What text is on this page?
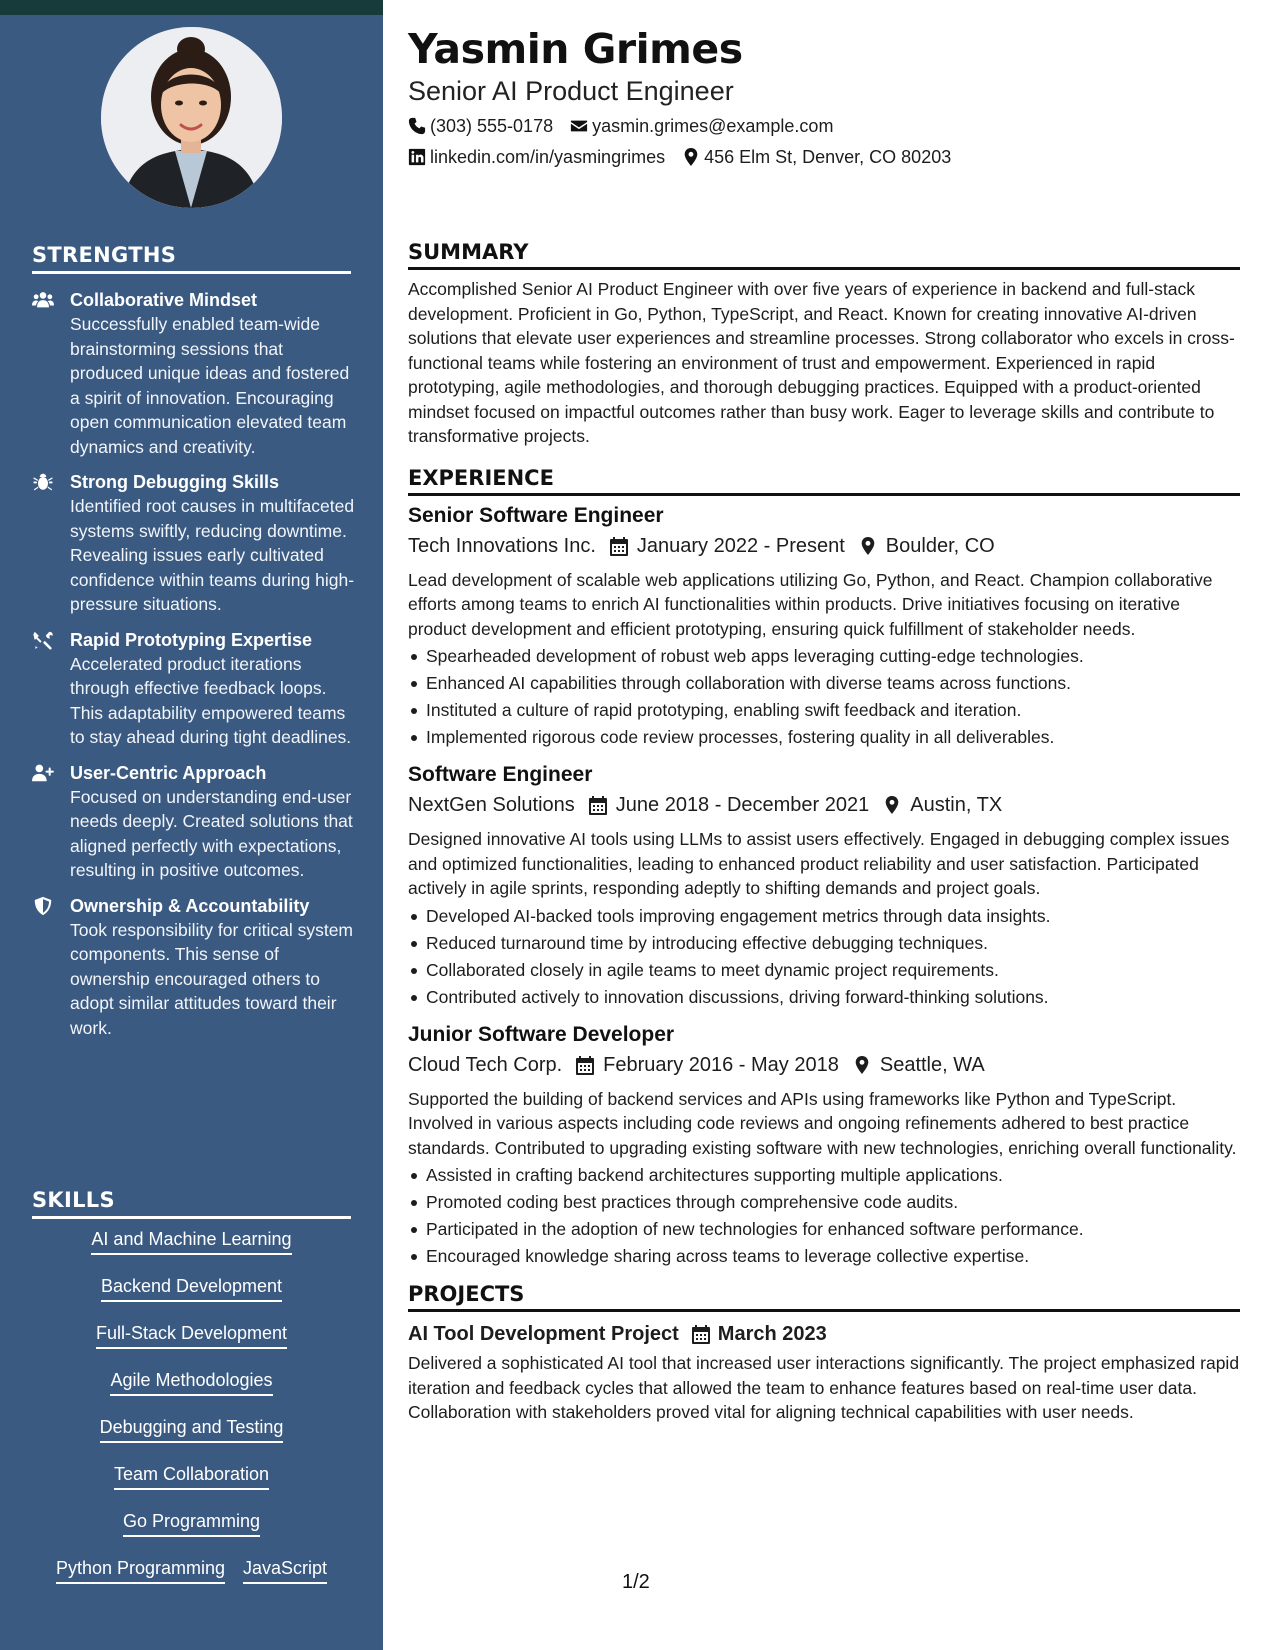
STRENGTHS
Collaborative Mindset
Successfully enabled team-wide brainstorming sessions that produced unique ideas and fostered a spirit of innovation. Encouraging open communication elevated team dynamics and creativity.
Strong Debugging Skills
Identified root causes in multifaceted systems swiftly, reducing downtime. Revealing issues early cultivated confidence within teams during high-pressure situations.
Rapid Prototyping Expertise
Accelerated product iterations through effective feedback loops. This adaptability empowered teams to stay ahead during tight deadlines.
User-Centric Approach
Focused on understanding end-user needs deeply. Created solutions that aligned perfectly with expectations, resulting in positive outcomes.
Ownership & Accountability
Took responsibility for critical system components. This sense of ownership encouraged others to adopt similar attitudes toward their work.
SKILLS
AI and Machine Learning
Backend Development
Full-Stack Development
Agile Methodologies
Debugging and Testing
Team Collaboration
Go Programming
Python Programming JavaScript
Yasmin Grimes
Senior AI Product Engineer
(303) 555-0178 yasmin.grimes@example.com
linkedin.com/in/yasmingrimes 456 Elm St, Denver, CO 80203
SUMMARY
Accomplished Senior AI Product Engineer with over five years of experience in backend and full-stack development. Proficient in Go, Python, TypeScript, and React. Known for creating innovative AI-driven solutions that elevate user experiences and streamline processes. Strong collaborator who excels in cross-functional teams while fostering an environment of trust and empowerment. Experienced in rapid prototyping, agile methodologies, and thorough debugging practices. Equipped with a product-oriented mindset focused on impactful outcomes rather than busy work. Eager to leverage skills and contribute to transformative projects.
EXPERIENCE
Senior Software Engineer
Tech Innovations Inc. January 2022 - Present Boulder, CO
Lead development of scalable web applications utilizing Go, Python, and React. Champion collaborative efforts among teams to enrich AI functionalities within products. Drive initiatives focusing on iterative product development and efficient prototyping, ensuring quick fulfillment of stakeholder needs.
Spearheaded development of robust web apps leveraging cutting-edge technologies.
Enhanced AI capabilities through collaboration with diverse teams across functions.
Instituted a culture of rapid prototyping, enabling swift feedback and iteration.
Implemented rigorous code review processes, fostering quality in all deliverables.
Software Engineer
NextGen Solutions June 2018 - December 2021 Austin, TX
Designed innovative AI tools using LLMs to assist users effectively. Engaged in debugging complex issues and optimized functionalities, leading to enhanced product reliability and user satisfaction. Participated actively in agile sprints, responding adeptly to shifting demands and project goals.
Developed AI-backed tools improving engagement metrics through data insights.
Reduced turnaround time by introducing effective debugging techniques.
Collaborated closely in agile teams to meet dynamic project requirements.
Contributed actively to innovation discussions, driving forward-thinking solutions.
Junior Software Developer
Cloud Tech Corp. February 2016 - May 2018 Seattle, WA
Supported the building of backend services and APIs using frameworks like Python and TypeScript. Involved in various aspects including code reviews and ongoing refinements adhered to best practice standards. Contributed to upgrading existing software with new technologies, enriching overall functionality.
Assisted in crafting backend architectures supporting multiple applications.
Promoted coding best practices through comprehensive code audits.
Participated in the adoption of new technologies for enhanced software performance.
Encouraged knowledge sharing across teams to leverage collective expertise.
PROJECTS
AI Tool Development Project March 2023
Delivered a sophisticated AI tool that increased user interactions significantly. The project emphasized rapid iteration and feedback cycles that allowed the team to enhance features based on real-time user data. Collaboration with stakeholders proved vital for aligning technical capabilities with user needs.
1/2
